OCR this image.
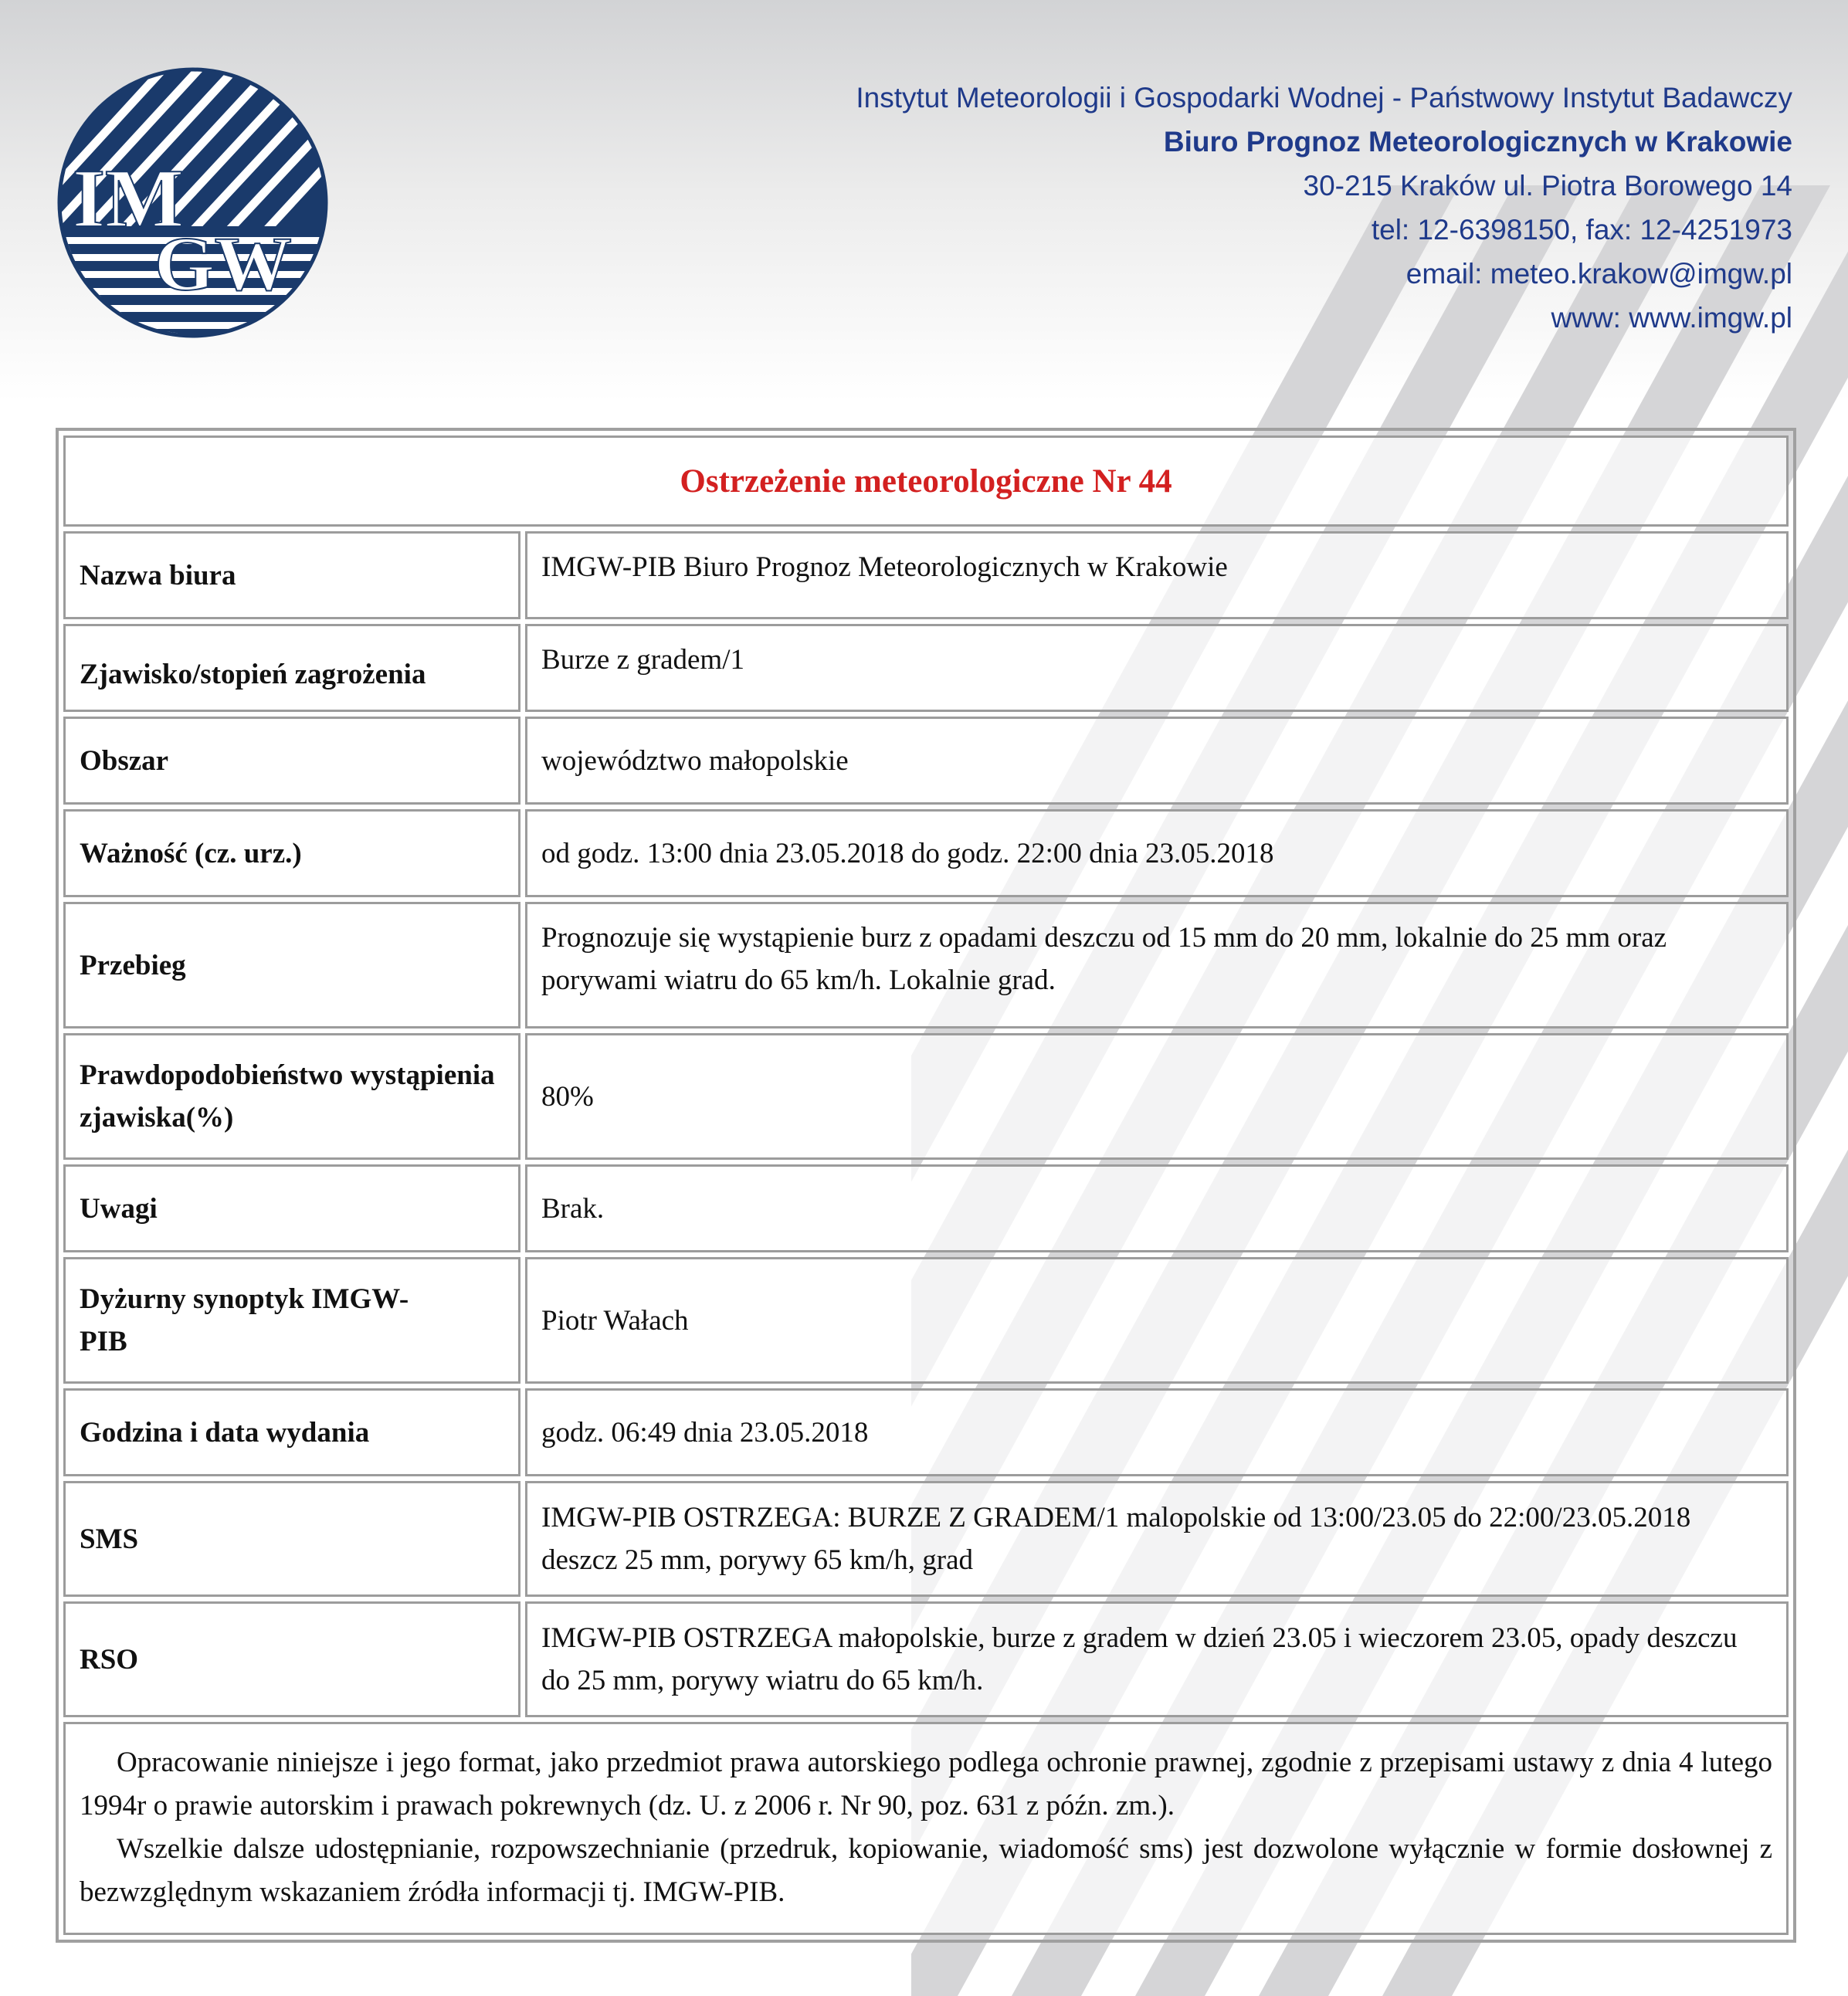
IM
GW
Instytut Meteorologii i Gospodarki Wodnej - Państwowy Instytut Badawczy
Biuro Prognoz Meteorologicznych w Krakowie
30-215 Kraków ul. Piotra Borowego 14
tel: 12-6398150, fax: 12-4251973
email: meteo.krakow@imgw.pl
www: www.imgw.pl
Ostrzeżenie meteorologiczne Nr 44	
Nazwa biura	IMGW-PIB Biuro Prognoz Meteorologicznych w Krakowie
Zjawisko/stopień zagrożenia	Burze z gradem/1
Obszar	województwo małopolskie
Ważność (cz. urz.)	od godz. 13:00 dnia 23.05.2018 do godz. 22:00 dnia 23.05.2018
Przebieg	Prognozuje się wystąpienie burz z opadami deszczu od 15 mm do 20 mm, lokalnie do 25 mm oraz porywami wiatru do 65 km/h. Lokalnie grad.
Prawdopodobieństwo wystąpienia zjawiska(%)	80%
Uwagi	Brak.
Dyżurny synoptyk IMGW-PIB	Piotr Wałach
Godzina i data wydania	godz. 06:49 dnia 23.05.2018
SMS	IMGW-PIB OSTRZEGA: BURZE Z GRADEM/1 malopolskie od 13:00/23.05 do 22:00/23.05.2018 deszcz 25 mm, porywy 65 km/h, grad
RSO	IMGW-PIB OSTRZEGA małopolskie, burze z gradem w dzień 23.05 i wieczorem 23.05, opady deszczu do 25 mm, porywy wiatru do 65 km/h.

Opracowanie niniejsze i jego format, jako przedmiot prawa autorskiego podlega ochronie prawnej, zgodnie z przepisami ustawy z dnia 4 lutego 1994r o prawie autorskim i prawach pokrewnych (dz. U. z 2006 r. Nr 90, poz. 631 z późn. zm.).

Wszelkie dalsze udostępnianie, rozpowszechnianie (przedruk, kopiowanie, wiadomość sms) jest dozwolone wyłącznie w formie dosłownej z bezwzględnym wskazaniem źródła informacji tj. IMGW-PIB.	
